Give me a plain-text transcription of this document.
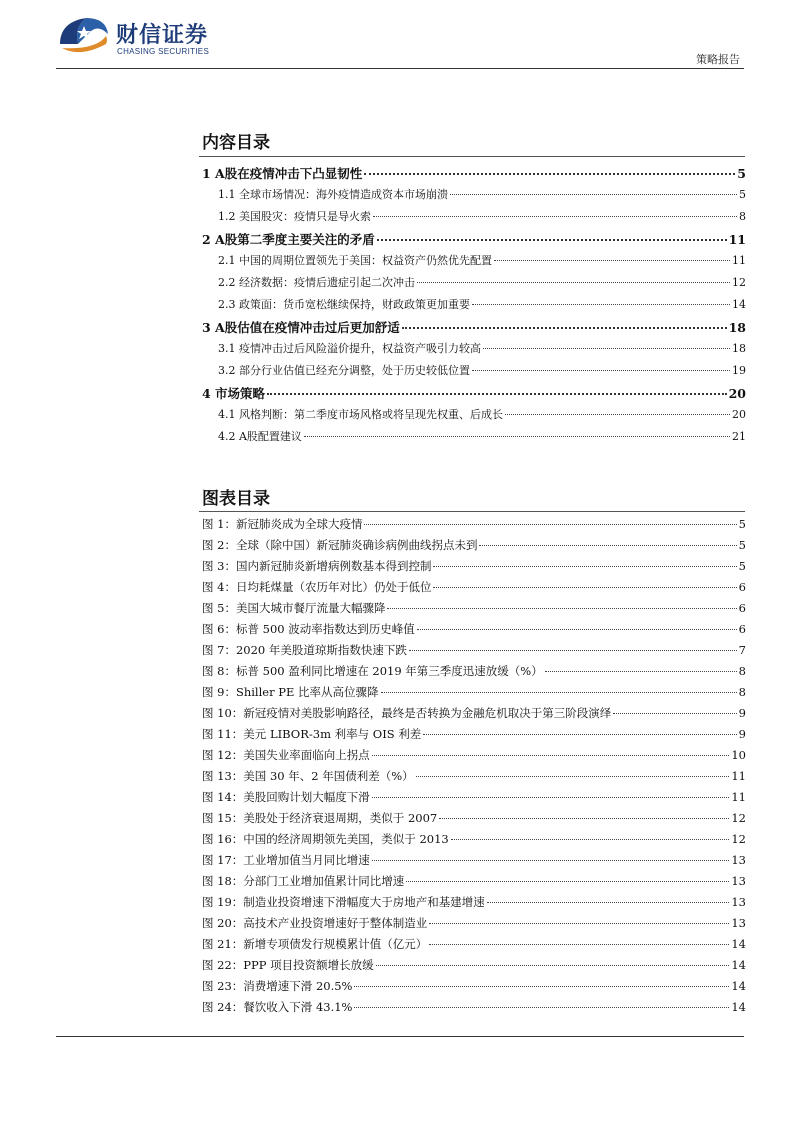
财信证券
CHASING SECURITIES
策略报告
内容目录
1 A股在疫情冲击下凸显韧性	5
1.1 全球市场情况：海外疫情造成资本市场崩溃	5
1.2 美国股灾：疫情只是导火索	8
2 A股第二季度主要关注的矛盾	11
2.1 中国的周期位置领先于美国：权益资产仍然优先配置	11
2.2 经济数据：疫情后遗症引起二次冲击	12
2.3 政策面：货币宽松继续保持，财政政策更加重要	14
3 A股估值在疫情冲击过后更加舒适	18
3.1 疫情冲击过后风险溢价提升，权益资产吸引力较高	18
3.2 部分行业估值已经充分调整，处于历史较低位置	19
4 市场策略	20
4.1 风格判断：第二季度市场风格或将呈现先权重、后成长	20
4.2 A股配置建议	21
图表目录
图 1：新冠肺炎成为全球大疫情	5
图 2：全球（除中国）新冠肺炎确诊病例曲线拐点未到	5
图 3：国内新冠肺炎新增病例数基本得到控制	5
图 4：日均耗煤量（农历年对比）仍处于低位	6
图 5：美国大城市餐厅流量大幅骤降	6
图 6：标普 500 波动率指数达到历史峰值	6
图 7：2020 年美股道琼斯指数快速下跌	7
图 8：标普 500 盈利同比增速在 2019 年第三季度迅速放缓（%）	8
图 9：Shiller PE 比率从高位骤降	8
图 10：新冠疫情对美股影响路径，最终是否转换为金融危机取决于第三阶段演绎	9
图 11：美元 LIBOR-3m 利率与 OIS 利差	9
图 12：美国失业率面临向上拐点	10
图 13：美国 30 年、2 年国债利差（%）	11
图 14：美股回购计划大幅度下滑	11
图 15：美股处于经济衰退周期，类似于 2007	12
图 16：中国的经济周期领先美国，类似于 2013	12
图 17：工业增加值当月同比增速	13
图 18：分部门工业增加值累计同比增速	13
图 19：制造业投资增速下滑幅度大于房地产和基建增速	13
图 20：高技术产业投资增速好于整体制造业	13
图 21：新增专项债发行规模累计值（亿元）	14
图 22：PPP 项目投资额增长放缓	14
图 23：消费增速下滑 20.5%	14
图 24：餐饮收入下滑 43.1%	14
